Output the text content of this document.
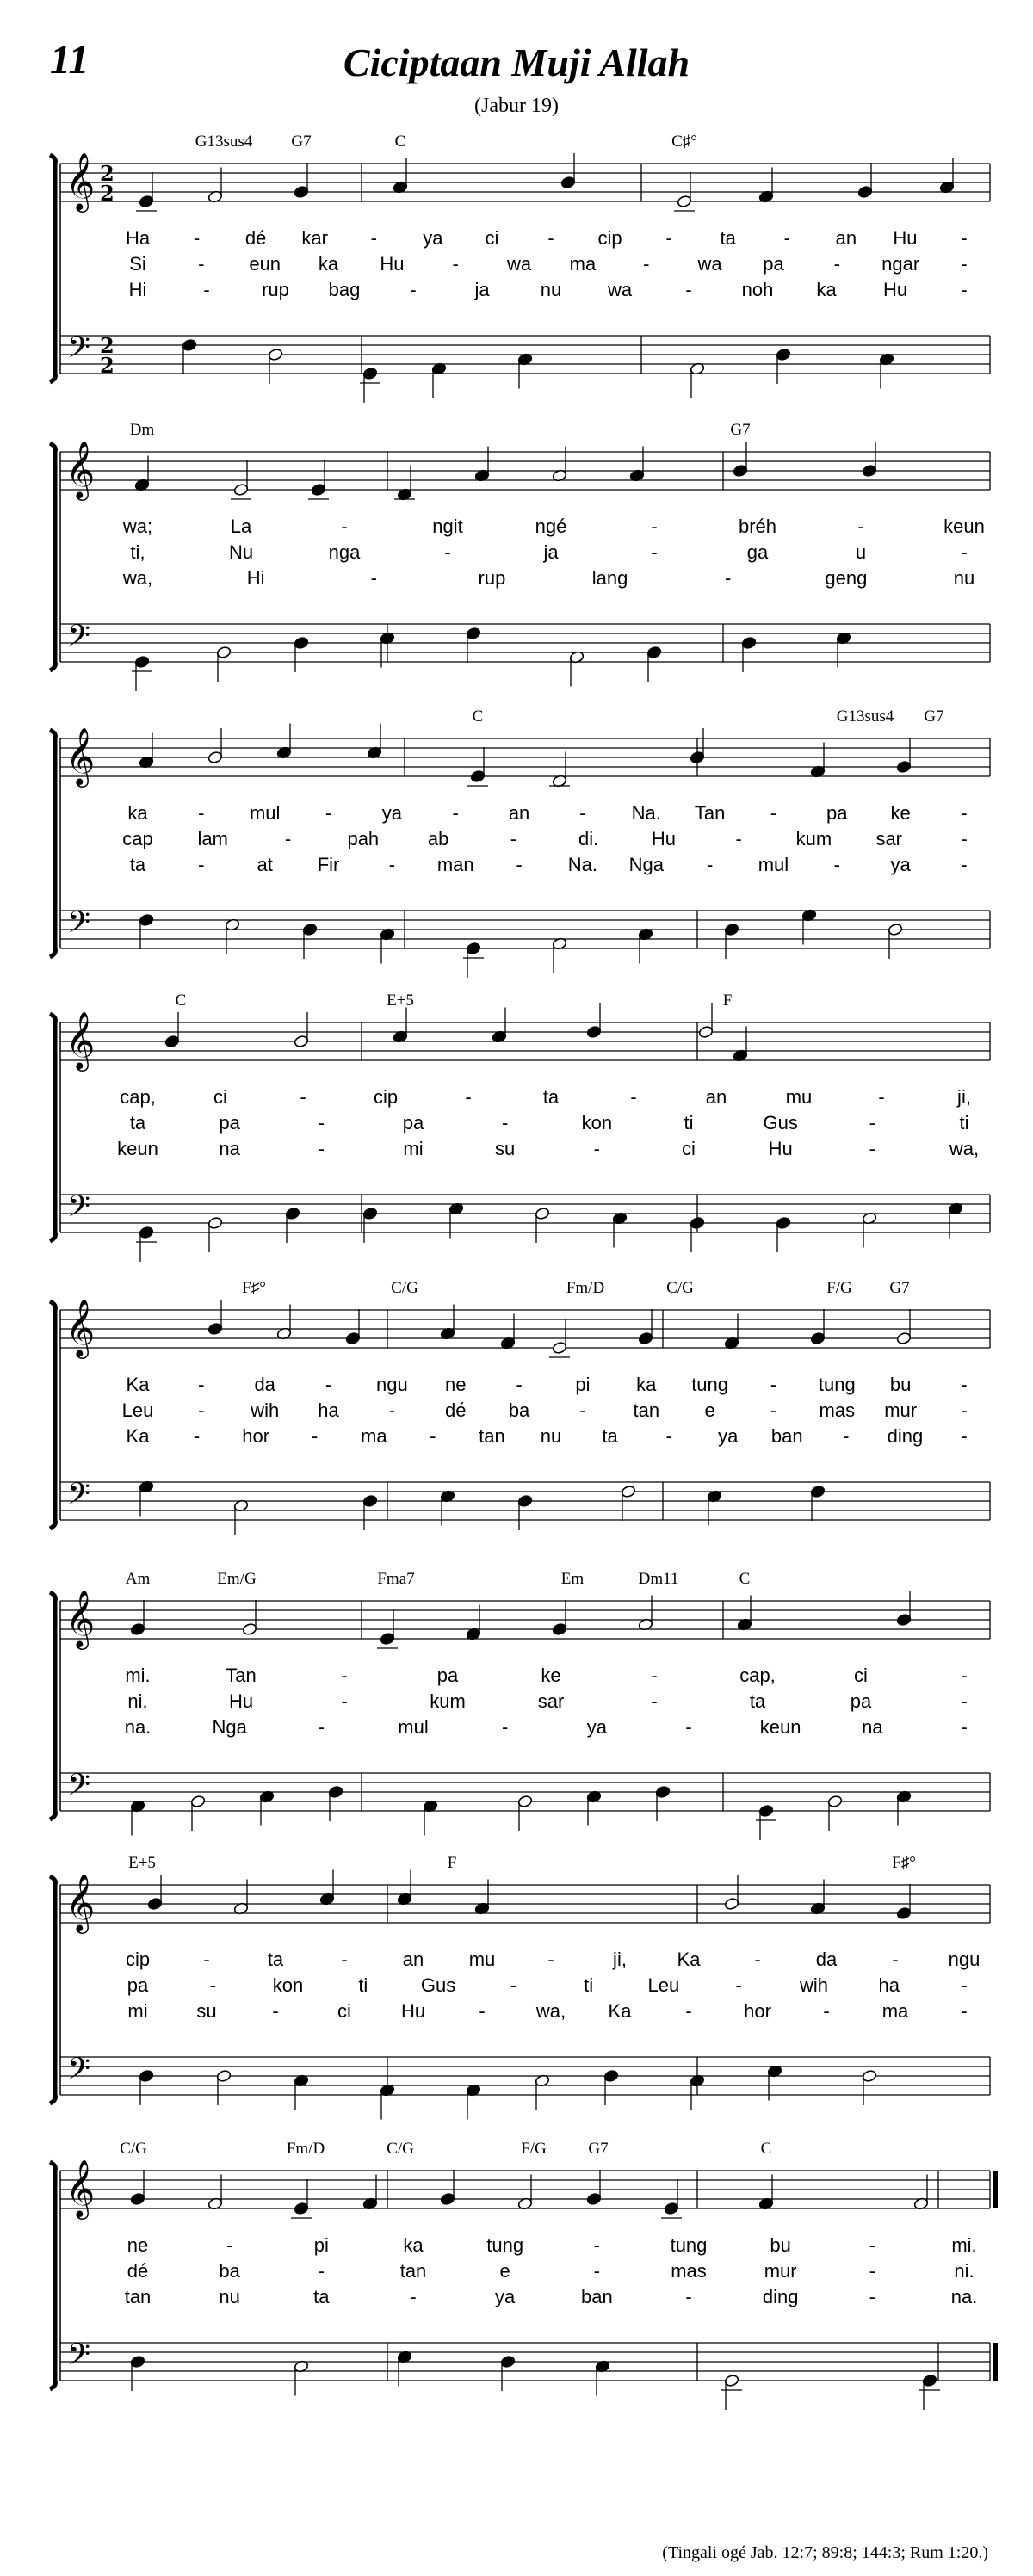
11	Ciciptaan Muji Allah
(Jabur 19)
𝄞
𝄢
2
2
2
2
G13sus4 G7	C	C♯°
Ha - dé kar - ya ci	- cip -	ta	- an Hu -
Si	- eun ka Hu	-	wa ma -	wa pa	- ngar -
Hi	-	rup bag	-	ja	nu wa	-	noh ka Hu	-
𝄞
𝄢
Dm	G7
wa;	La	-	ngit	ngé	-	bréh	-	keun
ti,	Nu	nga	-	ja	-	ga	u	-
wa,	Hi	-	rup	lang	-	geng	nu
𝄞
𝄢
C	G13sus4 G7
ka	- mul -	ya	-	an	- Na. Tan -	pa ke	-
cap lam	-	pah	ab	-	di.	Hu	-	kum sar	-
ta	-	at Fir	- man - Na. Nga - mul -	ya	-
𝄞
𝄢
C	E+5	F
cap,	ci	-	cip	-	ta	-	an	mu	-	ji,
ta	pa	-	pa	-	kon	ti	Gus	-	ti
keun	na	-	mi	su	-	ci	Hu	-	wa,
𝄞
𝄢
F♯°	C/G	Fm/D	C/G	F/G G7
Ka	-	da	- ngu ne	-	pi ka tung - tung bu	-
Leu - wih ha	-	dé ba	- tan e	- mas mur -
Ka - hor - ma - tan nu ta	- ya ban - ding -
𝄞
𝄢
Am	Em/G	Fma7	Em	Dm11	C
mi.	Tan	-	pa	ke	-	cap,	ci	-
ni.	Hu	-	kum	sar	-	ta	pa	-
na.	Nga	-	mul	-	ya	-	keun	na	-
𝄞
𝄢
E+5	F	F♯°
cip	-	ta	-	an mu	-	ji,	Ka	-	da	-	ngu
pa	-	kon	ti	Gus	-	ti	Leu	-	wih	ha	-
mi	su	-	ci	Hu	-	wa, Ka	-	hor	-	ma	-
𝄞
𝄢
C/G	Fm/D	C/G	F/G	G7	C
ne	-	pi	ka	tung	-	tung	bu	-	mi.
dé	ba	-	tan	e	-	mas	mur	-	ni.
tan	nu	ta	-	ya	ban	-	ding	-	na.
(Tingali ogé Jab. 12:7; 89:8; 144:3; Rum 1:20.)
